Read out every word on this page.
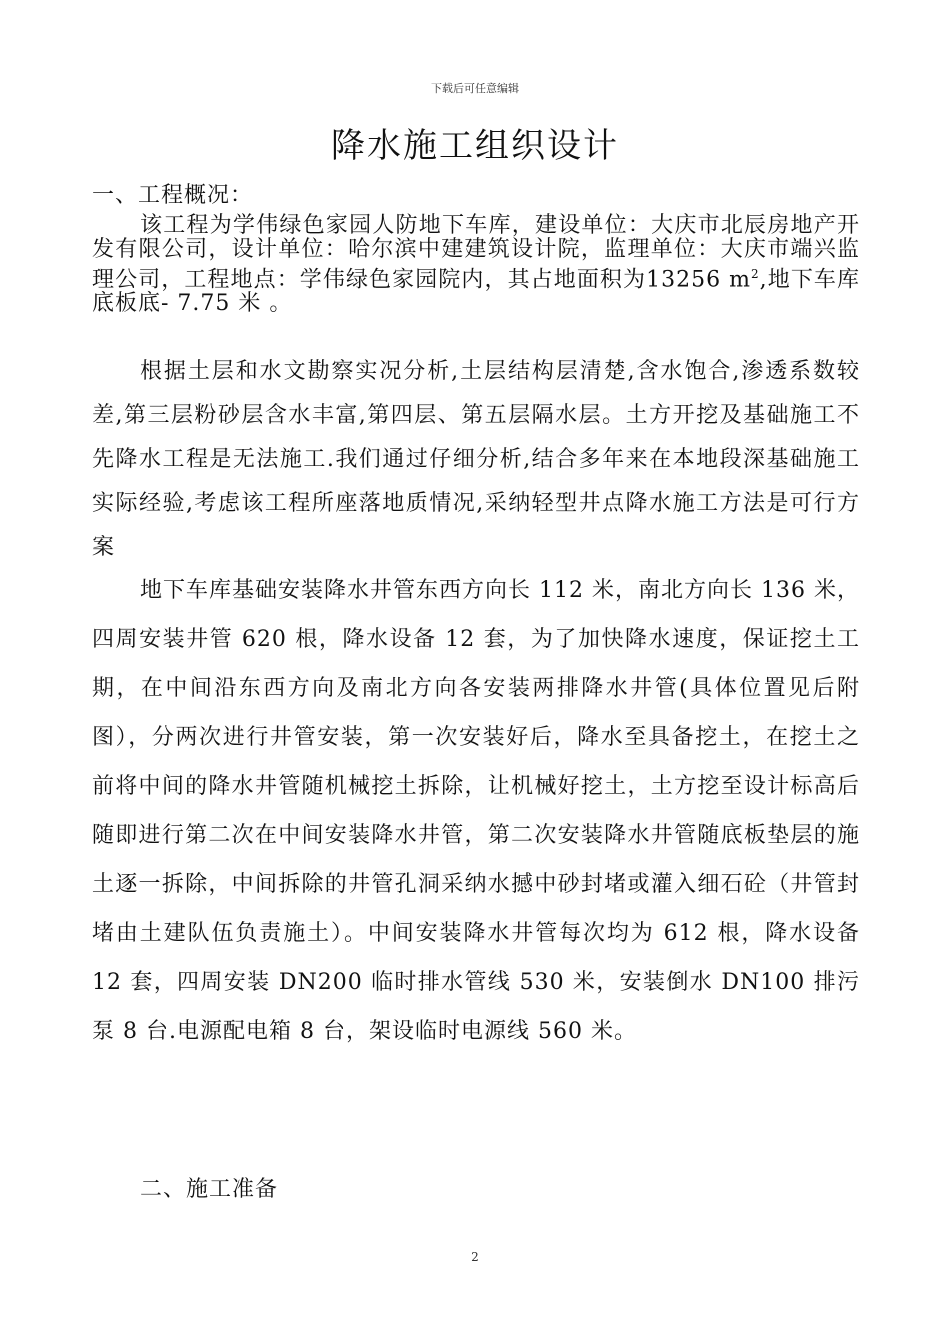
下载后可任意编辑
降水施工组织设计
一、工程概况：

该工程为学伟绿色家园人防地下车库，建设单位：大庆市北辰房地产开发有限公司，设计单位：哈尔滨中建建筑设计院，监理单位：大庆市端兴监理公司，工程地点：学伟绿色家园院内，其占地面积为13256 $m^2$,地下车库底板底- 7.75 米 。

根据土层和水文勘察实况分析,土层结构层清楚,含水饱合,渗透系数较差,第三层粉砂层含水丰富,第四层、第五层隔水层。土方开挖及基础施工不先降水工程是无法施工.我们通过仔细分析,结合多年来在本地段深基础施工实际经验,考虑该工程所座落地质情况,采纳轻型井点降水施工方法是可行方案

地下车库基础安装降水井管东西方向长 112 米，南北方向长 136 米，四周安装井管 620 根，降水设备 12 套，为了加快降水速度，保证挖土工期，在中间沿东西方向及南北方向各安装两排降水井管(具体位置见后附图），分两次进行井管安装，第一次安装好后，降水至具备挖土，在挖土之前将中间的降水井管随机械挖土拆除，让机械好挖土，土方挖至设计标高后随即进行第二次在中间安装降水井管，第二次安装降水井管随底板垫层的施土逐一拆除，中间拆除的井管孔洞采纳水撼中砂封堵或灌入细石砼（井管封堵由土建队伍负责施土）。中间安装降水井管每次均为 612 根，降水设备 12 套，四周安装 DN200 临时排水管线 530 米，安装倒水 DN100 排污泵 8 台.电源配电箱 8 台，架设临时电源线 560 米。

二、施工准备
2
